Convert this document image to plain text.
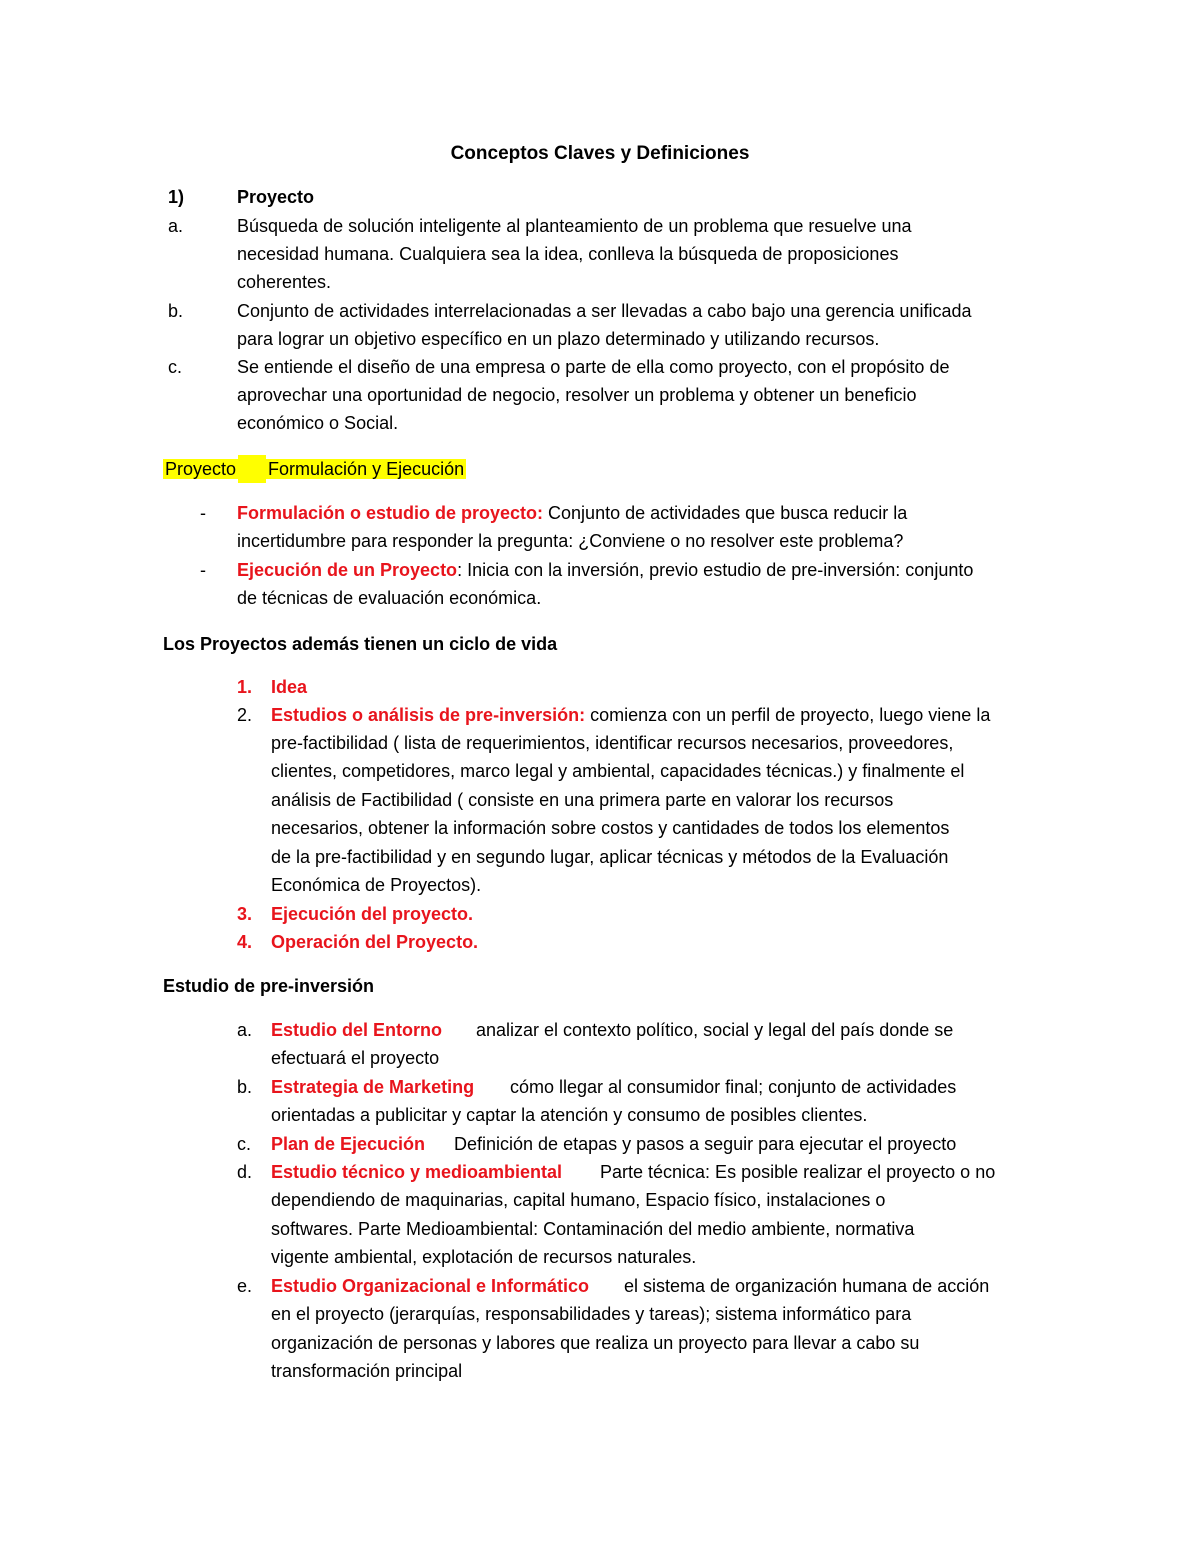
Conceptos Claves y Definiciones
1)	Proyecto
a.	Búsqueda de solución inteligente al planteamiento de un problema que resuelve una
necesidad humana. Cualquiera sea la idea, conlleva la búsqueda de proposiciones
coherentes.
b.	Conjunto de actividades interrelacionadas a ser llevadas a cabo bajo una gerencia unificada
para lograr un objetivo específico en un plazo determinado y utilizando recursos.
c.	Se entiende el diseño de una empresa o parte de ella como proyecto, con el propósito de
aprovechar una oportunidad de negocio, resolver un problema y obtener un beneficio
económico o Social.
Proyecto Formulación y Ejecución
- Formulación o estudio de proyecto: Conjunto de actividades que busca reducir la
incertidumbre para responder la pregunta: ¿Conviene o no resolver este problema?
- Ejecución de un Proyecto: Inicia con la inversión, previo estudio de pre-inversión: conjunto
de técnicas de evaluación económica.
Los Proyectos además tienen un ciclo de vida
1. Idea
2. Estudios o análisis de pre-inversión: comienza con un perfil de proyecto, luego viene la
pre-factibilidad ( lista de requerimientos, identificar recursos necesarios, proveedores,
clientes, competidores, marco legal y ambiental, capacidades técnicas.) y finalmente el
análisis de Factibilidad ( consiste en una primera parte en valorar los recursos
necesarios, obtener la información sobre costos y cantidades de todos los elementos
de la pre-factibilidad y en segundo lugar, aplicar técnicas y métodos de la Evaluación
Económica de Proyectos).
3. Ejecución del proyecto.
4. Operación del Proyecto.
Estudio de pre-inversión
a. Estudio del Entorno analizar el contexto político, social y legal del país donde se
efectuará el proyecto
b. Estrategia de Marketing cómo llegar al consumidor final; conjunto de actividades
orientadas a publicitar y captar la atención y consumo de posibles clientes.
c. Plan de Ejecución Definición de etapas y pasos a seguir para ejecutar el proyecto
d. Estudio técnico y medioambiental Parte técnica: Es posible realizar el proyecto o no
dependiendo de maquinarias, capital humano, Espacio físico, instalaciones o
softwares. Parte Medioambiental: Contaminación del medio ambiente, normativa
vigente ambiental, explotación de recursos naturales.
e. Estudio Organizacional e Informático el sistema de organización humana de acción
en el proyecto (jerarquías, responsabilidades y tareas); sistema informático para
organización de personas y labores que realiza un proyecto para llevar a cabo su
transformación principal
